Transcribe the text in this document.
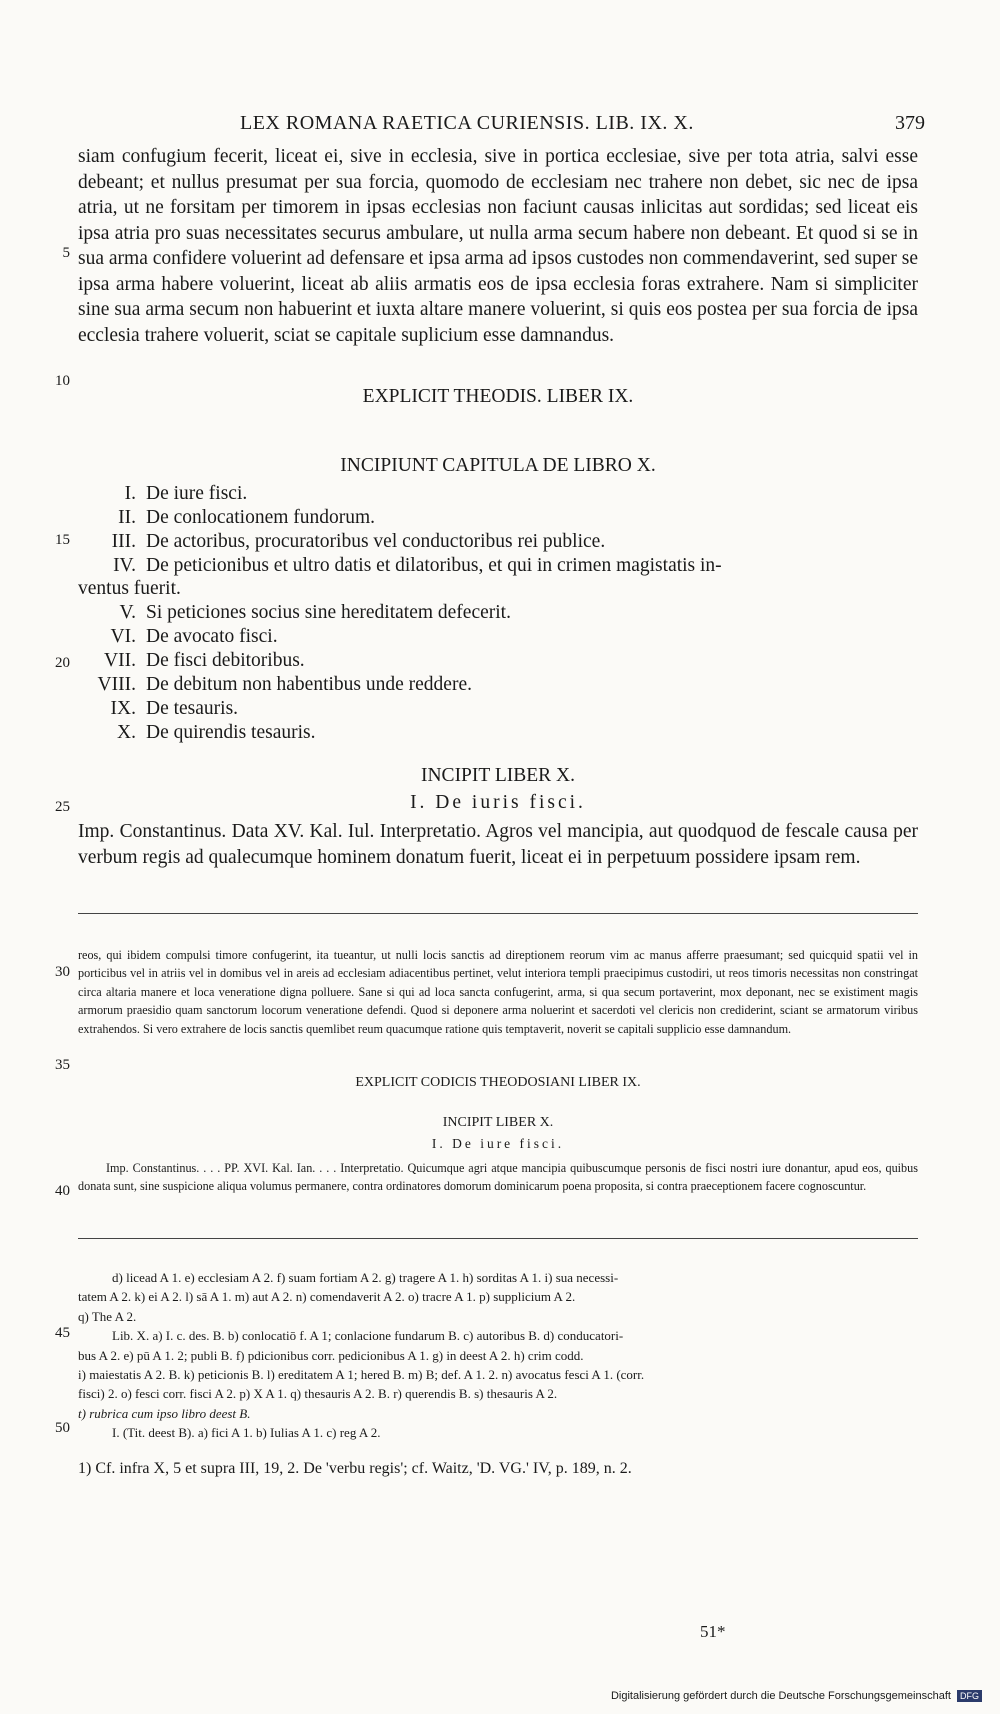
LEX ROMANA RAETICA CURIENSIS. LIB. IX. X.	379
5
10
15
20
25
30
35
40
45
50

siam confugium fecerit, liceat ei, sive in ecclesia, sive in portica ecclesiae, sive per tota atria, salvi esse debeant; et nullus presumat per sua forcia, quomodo de ecclesiam nec trahere non debet, sic nec de ipsa atria, ut ne forsitam per timorem in ipsas ecclesias non faciunt causas inlicitas aut sordidas; sed liceat eis ipsa atria pro suas necessitates securus ambulare, ut nulla arma secum habere non debeant. Et quod si se in sua arma confidere voluerint ad defensare et ipsa arma ad ipsos custodes non commendaverint, sed super se ipsa arma habere voluerint, liceat ab aliis armatis eos de ipsa ecclesia foras extrahere. Nam si simpliciter sine sua arma secum non habuerint et iuxta altare manere voluerint, si quis eos postea per sua forcia de ipsa ecclesia trahere voluerit, sciat se capitale suplicium esse damnandus.

EXPLICIT THEODIS. LIBER IX.
INCIPIUNT CAPITULA DE LIBRO X.
I. De iure fisci.
II. De conlocationem fundorum.
III. De actoribus, procuratoribus vel conductoribus rei publice.
IV. De peticionibus et ultro datis et dilatoribus, et qui in crimen magistatis in-
ventus fuerit.
V. Si peticiones socius sine hereditatem defecerit.
VI. De avocato fisci.
VII. De fisci debitoribus.
VIII. De debitum non habentibus unde reddere.
IX. De tesauris.
X. De quirendis tesauris.
INCIPIT LIBER X.
I. De iuris fisci.

Imp. Constantinus. Data XV. Kal. Iul. Interpretatio. Agros vel mancipia, aut quodquod de fescale causa per verbum regis ad qualecumque hominem donatum fuerit, liceat ei in perpetuum possidere ipsam rem.

reos, qui ibidem compulsi timore confugerint, ita tueantur, ut nulli locis sanctis ad direptionem reorum vim ac manus afferre praesumant; sed quicquid spatii vel in porticibus vel in atriis vel in domibus vel in areis ad ecclesiam adiacentibus pertinet, velut interiora templi praecipimus custodiri, ut reos timoris necessitas non constringat circa altaria manere et loca venerationе digna polluere. Sane si qui ad loca sancta confugerint, arma, si qua secum portaverint, mox deponant, nec se existiment magis armorum praesidio quam sanctorum locorum veneratione defendi. Quod si deponere arma noluerint et sacerdoti vel clericis non crediderint, sciant se armatorum viribus extrahendos. Si vero extrahere de locis sanctis quemlibet reum quacumque ratione quis temptaverit, noverit se capitali supplicio esse damnandum.

EXPLICIT CODICIS THEODOSIANI LIBER IX.
INCIPIT LIBER X.
I. De iure fisci.

Imp. Constantinus. . . . PP. XVI. Kal. Ian. . . . Interpretatio. Quicumque agri atque mancipia quibuscumque personis de fisci nostri iure donantur, apud eos, quibus donata sunt, sine suspicione aliqua volumus permanere, contra ordinatores domorum dominicarum poena proposita, si contra praeceptionem facere cognoscuntur.

d) licead A 1. e) ecclesiam A 2. f) suam fortiam A 2. g) tragere A 1. h) sorditas A 1. i) sua necessi-

tatem A 2. k) ei A 2. l) sā A 1. m) aut A 2. n) comendaverit A 2. o) tracre A 1. p) supplicium A 2.

q) The A 2.

Lib. X. a) I. c. des. B. b) conlocatiō f. A 1; conlacione fundarum B. c) autoribus B. d) conducatori-

bus A 2. e) pū A 1. 2; publi B. f) pdicionibus corr. pedicionibus A 1. g) in deest A 2. h) crim codd.

i) maiestatis A 2. B. k) peticionis B. l) ereditatem A 1; hered B. m) B; def. A 1. 2. n) avocatus fesci A 1. (corr.

fisci) 2. o) fesci corr. fisci A 2. p) X A 1. q) thesauris A 2. B. r) querendis B. s) thesauris A 2.

t) rubrica cum ipso libro deest B.

I. (Tit. deest B). a) fici A 1. b) Iulias A 1. c) reg A 2.

1) Cf. infra X, 5 et supra III, 19, 2. De 'verbu regis'; cf. Waitz, 'D. VG.' IV, p. 189, n. 2.
51*
Digitalisierung gefördert durch die Deutsche Forschungsgemeinschaft DFG
